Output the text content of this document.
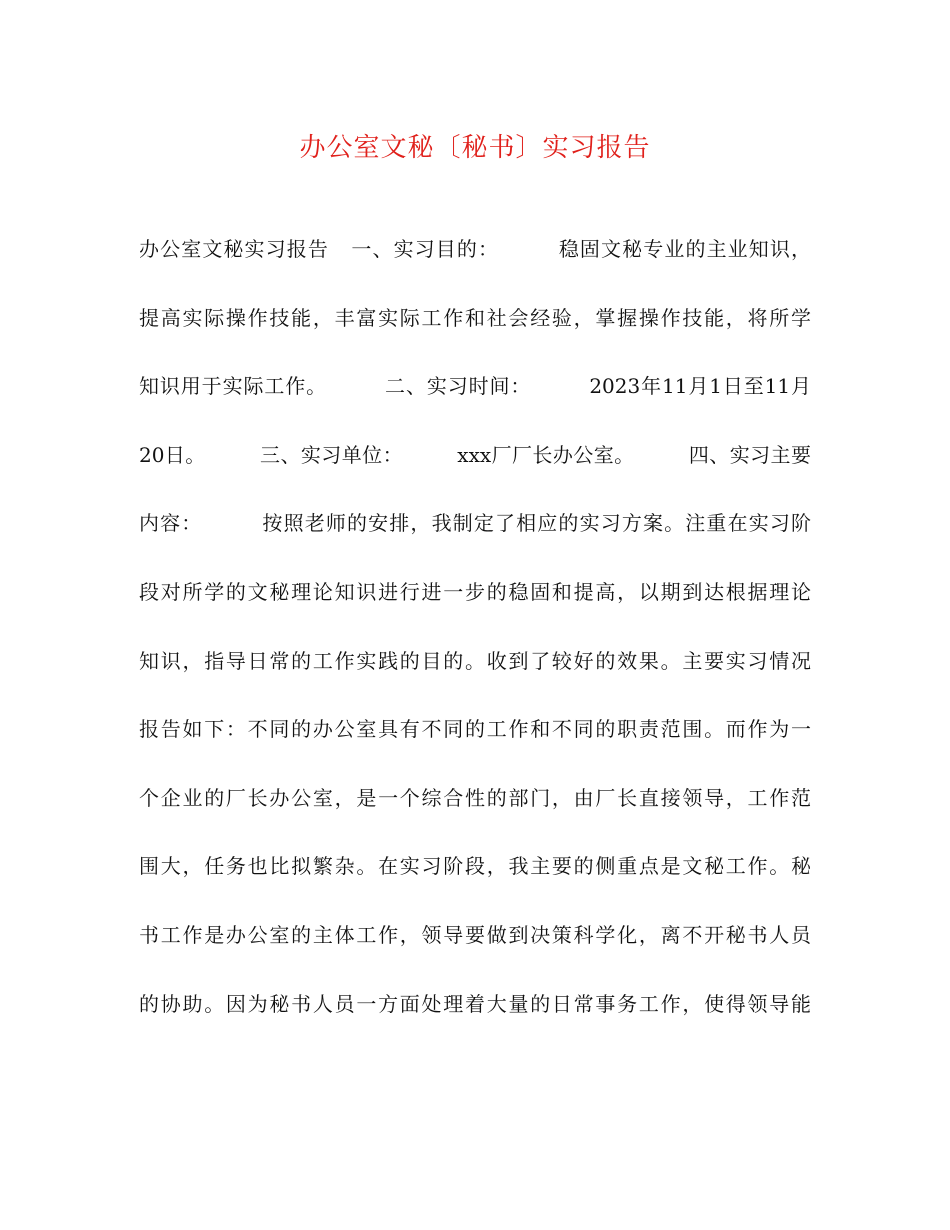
办公室文秘〔秘书〕实习报告
办公室文秘实习报告   一、实习目的：        稳固文秘专业的主业知识，
提高实际操作技能，丰富实际工作和社会经验，掌握操作技能，将所学
知识用于实际工作。        二、实习时间：        2023年11月1日至11月
20日。        三、实习单位：        xxx厂厂长办公室。        四、实习主要
内容：        按照老师的安排，我制定了相应的实习方案。注重在实习阶
段对所学的文秘理论知识进行进一步的稳固和提高，以期到达根据理论
知识，指导日常的工作实践的目的。收到了较好的效果。主要实习情况
报告如下：不同的办公室具有不同的工作和不同的职责范围。而作为一
个企业的厂长办公室，是一个综合性的部门，由厂长直接领导，工作范
围大，任务也比拟繁杂。在实习阶段，我主要的侧重点是文秘工作。秘
书工作是办公室的主体工作，领导要做到决策科学化，离不开秘书人员
的协助。因为秘书人员一方面处理着大量的日常事务工作，使得领导能
